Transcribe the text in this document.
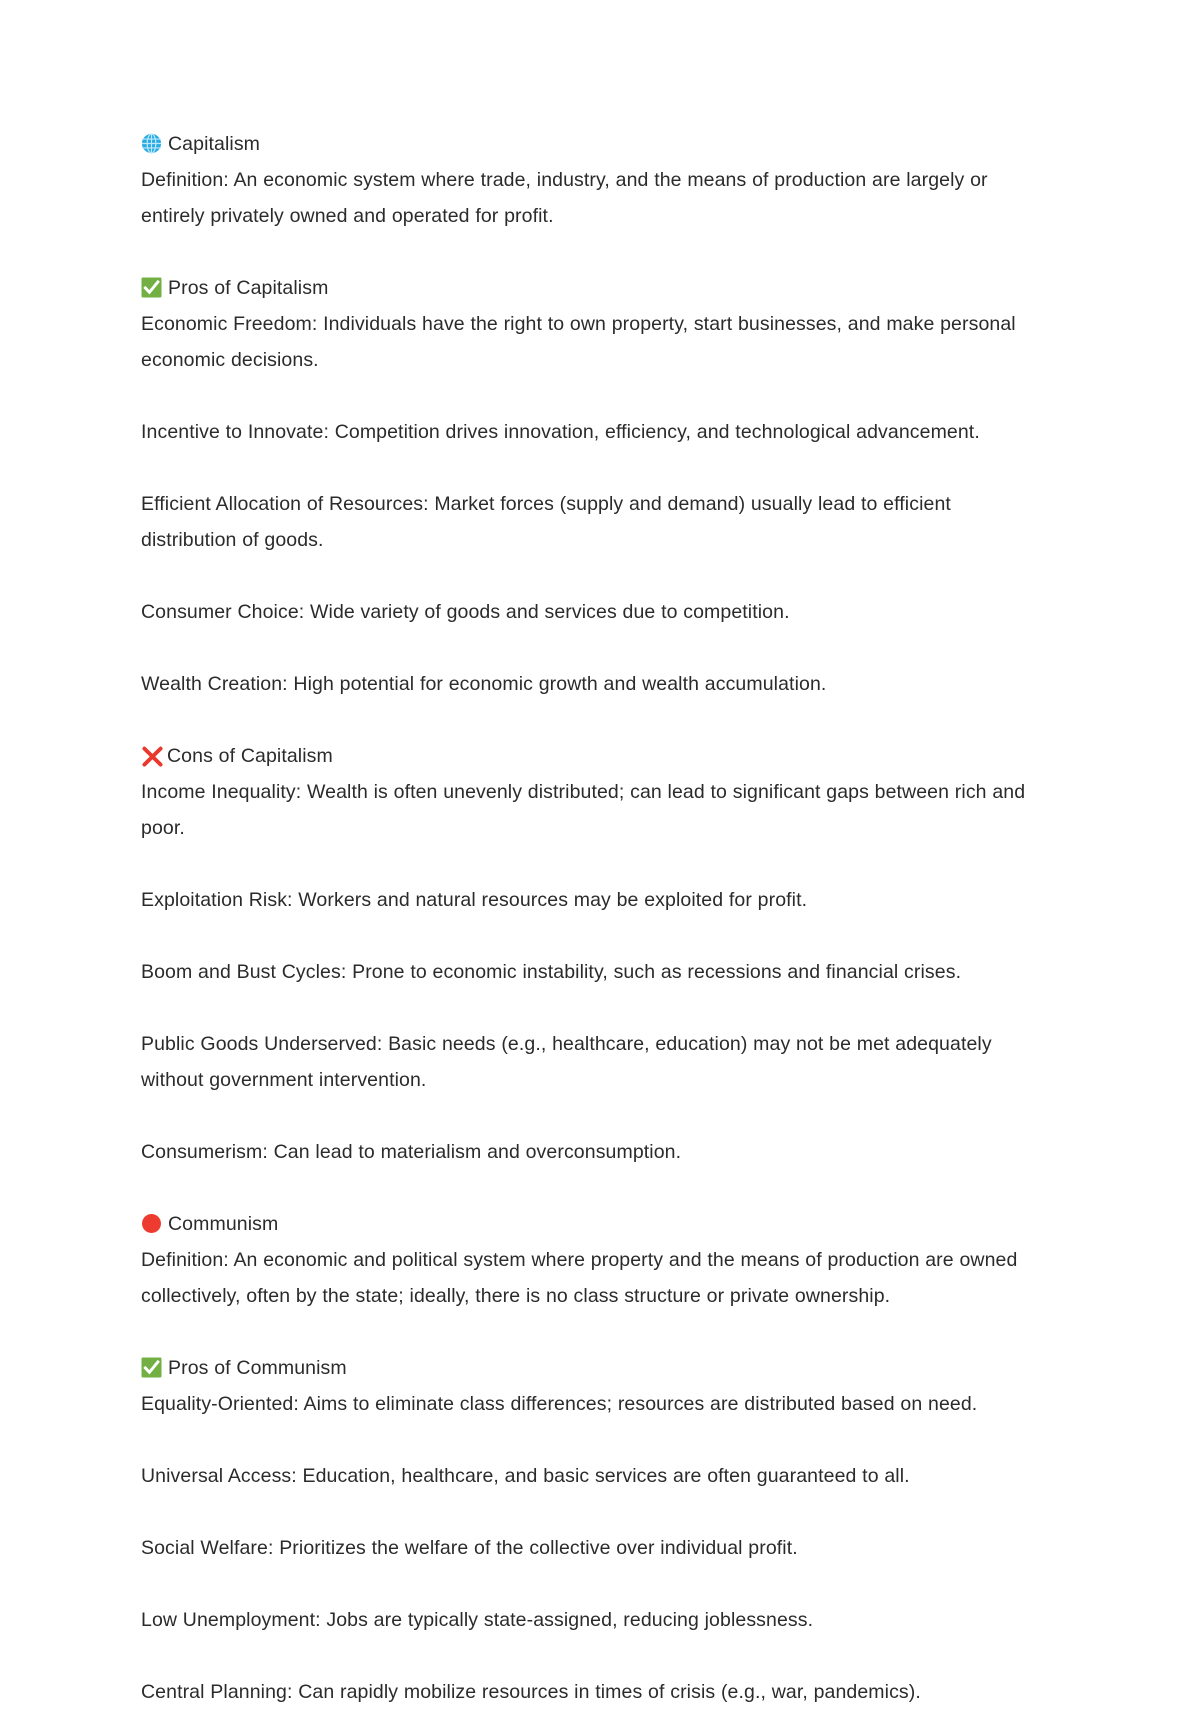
Capitalism

Definition: An economic system where trade, industry, and the means of production are largely or entirely privately owned and operated for profit.

Pros of Capitalism

Economic Freedom: Individuals have the right to own property, start businesses, and make personal economic decisions.

Incentive to Innovate: Competition drives innovation, efficiency, and technological advancement.

Efficient Allocation of Resources: Market forces (supply and demand) usually lead to efficient distribution of goods.

Consumer Choice: Wide variety of goods and services due to competition.

Wealth Creation: High potential for economic growth and wealth accumulation.

Cons of Capitalism

Income Inequality: Wealth is often unevenly distributed; can lead to significant gaps between rich and poor.

Exploitation Risk: Workers and natural resources may be exploited for profit.

Boom and Bust Cycles: Prone to economic instability, such as recessions and financial crises.

Public Goods Underserved: Basic needs (e.g., healthcare, education) may not be met adequately without government intervention.

Consumerism: Can lead to materialism and overconsumption.

Communism

Definition: An economic and political system where property and the means of production are owned collectively, often by the state; ideally, there is no class structure or private ownership.

Pros of Communism

Equality-Oriented: Aims to eliminate class differences; resources are distributed based on need.

Universal Access: Education, healthcare, and basic services are often guaranteed to all.

Social Welfare: Prioritizes the welfare of the collective over individual profit.

Low Unemployment: Jobs are typically state-assigned, reducing joblessness.

Central Planning: Can rapidly mobilize resources in times of crisis (e.g., war, pandemics).
